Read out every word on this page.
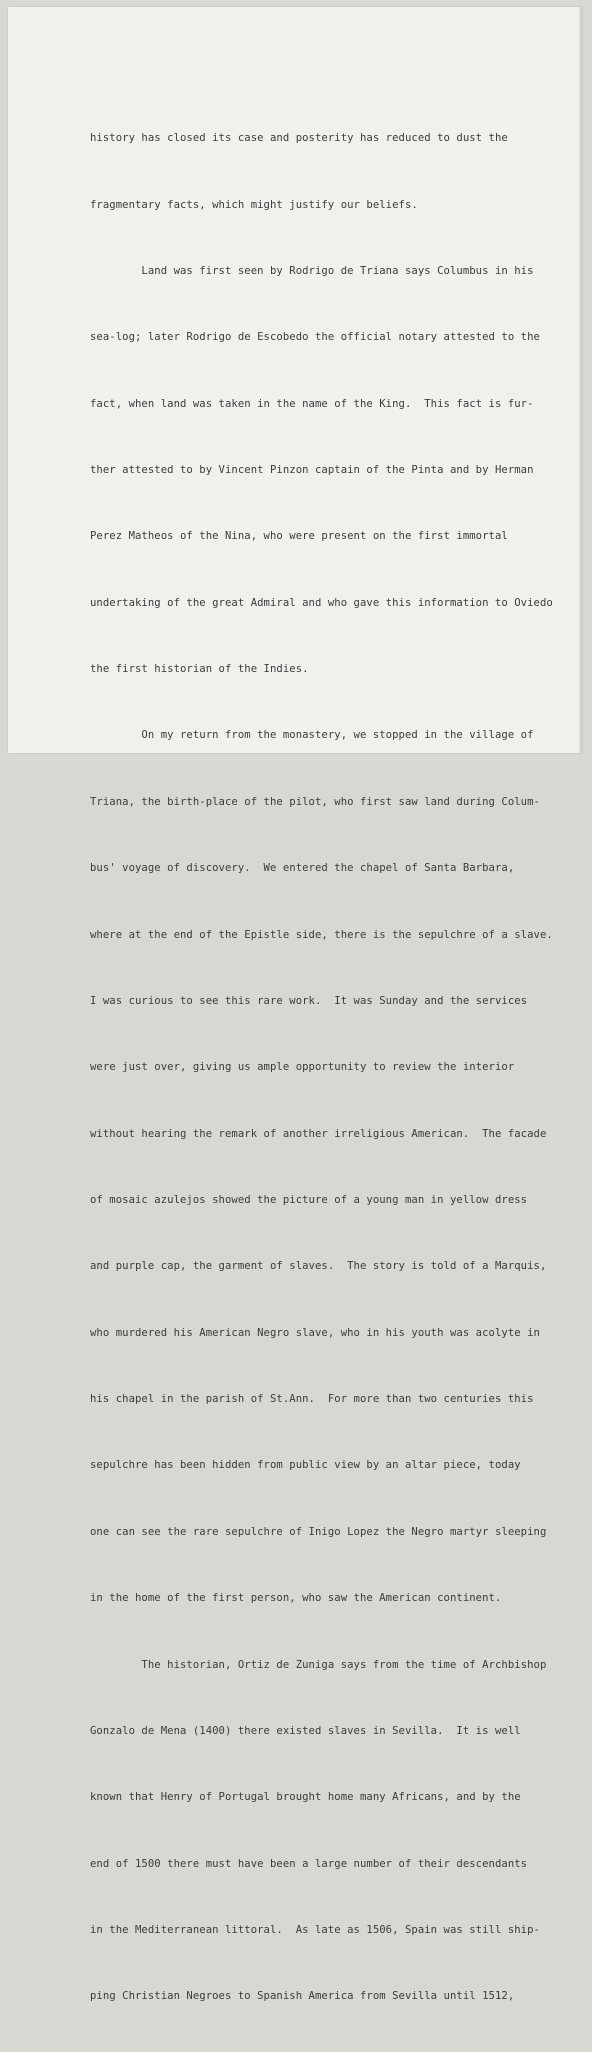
history has closed its case and posterity has reduced to dust the

fragmentary facts, which might justify our beliefs.

Land was first seen by Rodrigo de Triana says Columbus in his

sea-log; later Rodrigo de Escobedo the official notary attested to the

fact, when land was taken in the name of the King.  This fact is fur-

ther attested to by Vincent Pinzon captain of the Pinta and by Herman

Perez Matheos of the Nina, who were present on the first immortal

undertaking of the great Admiral and who gave this information to Oviedo

the first historian of the Indies.

On my return from the monastery, we stopped in the village of

Triana, the birth-place of the pilot, who first saw land during Colum-

bus' voyage of discovery.  We entered the chapel of Santa Barbara,

where at the end of the Epistle side, there is the sepulchre of a slave.

I was curious to see this rare work.  It was Sunday and the services

were just over, giving us ample opportunity to review the interior

without hearing the remark of another irreligious American.  The facade

of mosaic azulejos showed the picture of a young man in yellow dress

and purple cap, the garment of slaves.  The story is told of a Marquis,

who murdered his American Negro slave, who in his youth was acolyte in

his chapel in the parish of St.Ann.  For more than two centuries this

sepulchre has been hidden from public view by an altar piece, today

one can see the rare sepulchre of Inigo Lopez the Negro martyr sleeping

in the home of the first person, who saw the American continent.

The historian, Ortiz de Zuniga says from the time of Archbishop

Gonzalo de Mena (1400) there existed slaves in Sevilla.  It is well

known that Henry of Portugal brought home many Africans, and by the

end of 1500 there must have been a large number of their descendants

in the Mediterranean littoral.  As late as 1506, Spain was still ship-

ping Christian Negroes to Spanish America from Sevilla until 1512,
